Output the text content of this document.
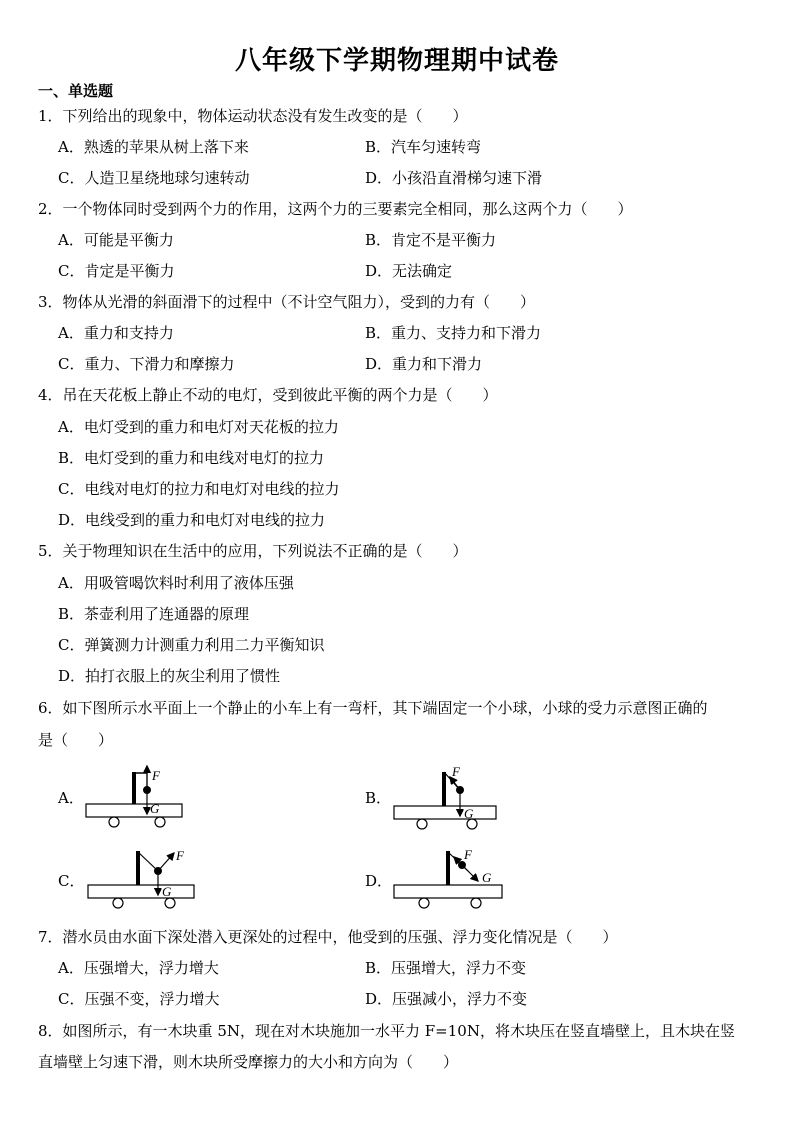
八年级下学期物理期中试卷
一、单选题
1．下列给出的现象中，物体运动状态没有发生改变的是（　　）
A．熟透的苹果从树上落下来	B．汽车匀速转弯
C．人造卫星绕地球匀速转动	D．小孩沿直滑梯匀速下滑
2．一个物体同时受到两个力的作用，这两个力的三要素完全相同，那么这两个力（　　）
A．可能是平衡力	B．肯定不是平衡力
C．肯定是平衡力	D．无法确定
3．物体从光滑的斜面滑下的过程中（不计空气阻力），受到的力有（　　）
A．重力和支持力	B．重力、支持力和下滑力
C．重力、下滑力和摩擦力	D．重力和下滑力
4．吊在天花板上静止不动的电灯，受到彼此平衡的两个力是（　　）
A．电灯受到的重力和电灯对天花板的拉力
B．电灯受到的重力和电线对电灯的拉力
C．电线对电灯的拉力和电灯对电线的拉力
D．电线受到的重力和电灯对电线的拉力
5．关于物理知识在生活中的应用，下列说法不正确的是（　　）
A．用吸管喝饮料时利用了液体压强
B．茶壶利用了连通器的原理
C．弹簧测力计测重力利用二力平衡知识
D．拍打衣服上的灰尘利用了惯性
6．如下图所示水平面上一个静止的小车上有一弯杆，其下端固定一个小球，小球的受力示意图正确的
是（　　）
A．	B．
C．	D．
F
G
F
G
F
G
F
G
7．潜水员由水面下深处潜入更深处的过程中，他受到的压强、浮力变化情况是（　　）
A．压强增大，浮力增大	B．压强增大，浮力不变
C．压强不变，浮力增大	D．压强减小，浮力不变
8．如图所示，有一木块重 5N，现在对木块施加一水平力 F=10N，将木块压在竖直墙壁上，且木块在竖
直墙壁上匀速下滑，则木块所受摩擦力的大小和方向为（　　）
